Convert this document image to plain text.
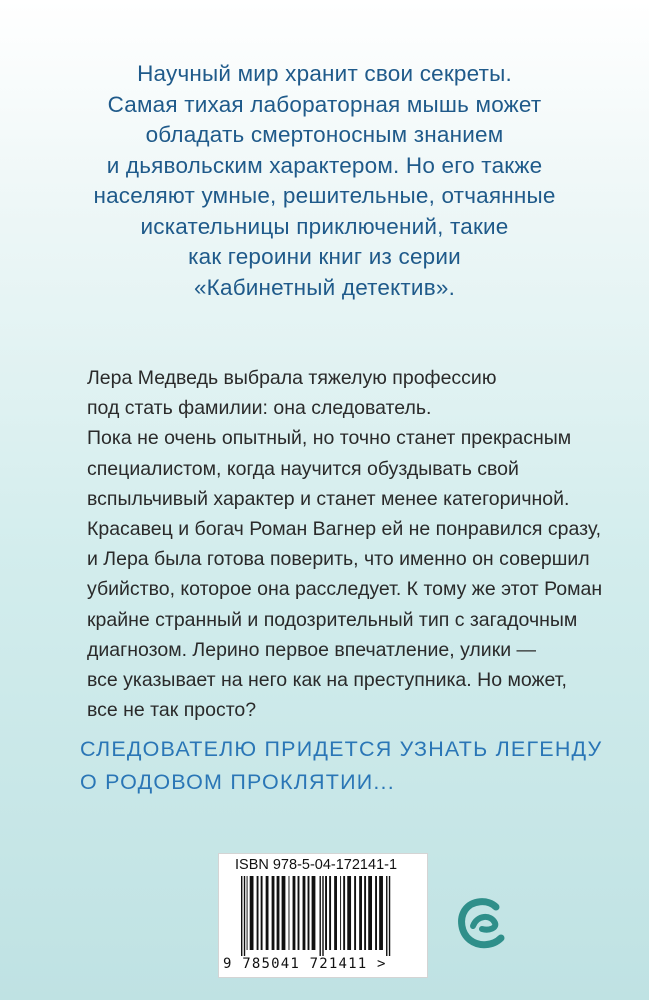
Научный мир хранит свои секреты.
Самая тихая лабораторная мышь может
обладать смертоносным знанием
и дьявольским характером. Но его также
населяют умные, решительные, отчаянные
искательницы приключений, такие
как героини книг из серии
«Кабинетный детектив».
Лера Медведь выбрала тяжелую профессию
под стать фамилии: она следователь.
Пока не очень опытный, но точно станет прекрасным
специалистом, когда научится обуздывать свой
вспыльчивый характер и станет менее категоричной.
Красавец и богач Роман Вагнер ей не понравился сразу,
и Лера была готова поверить, что именно он совершил
убийство, которое она расследует. К тому же этот Роман
крайне странный и подозрительный тип с загадочным
диагнозом. Лерино первое впечатление, улики —
все указывает на него как на преступника. Но может,
все не так просто?
СЛЕДОВАТЕЛЮ ПРИДЕТСЯ УЗНАТЬ ЛЕГЕНДУ
О РОДОВОМ ПРОКЛЯТИИ...
ISBN 978-5-04-172141-1
9 785041 721411 >
